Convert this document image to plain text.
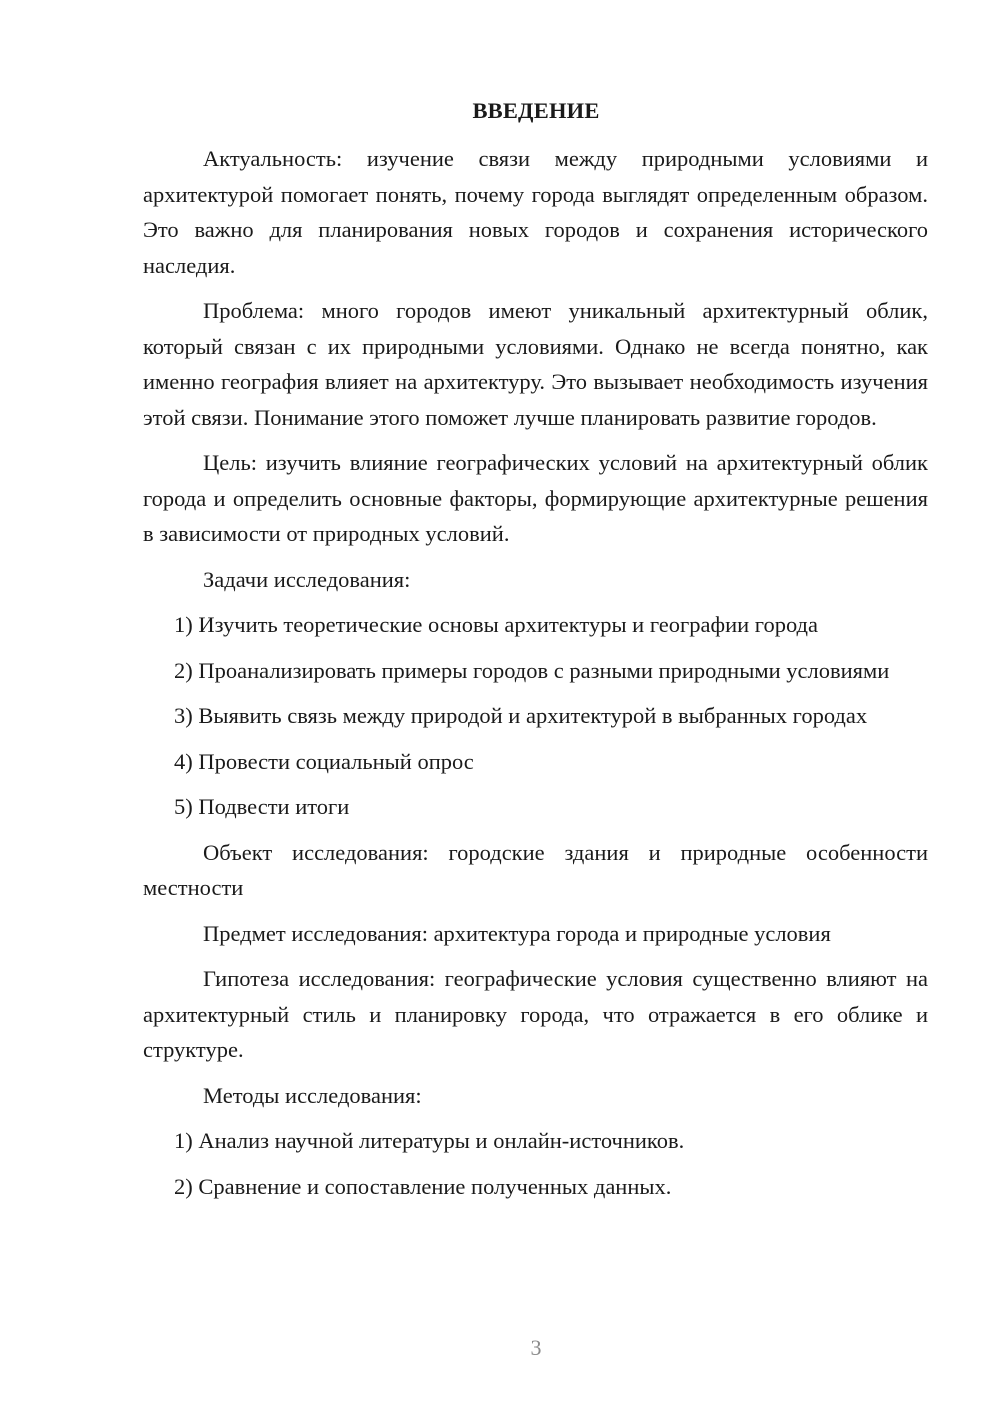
ВВЕДЕНИЕ

Актуальность: изучение связи между природными условиями и архитектурой помогает понять, почему города выглядят определенным образом. Это важно для планирования новых городов и сохранения исторического наследия.

Проблема: много городов имеют уникальный архитектурный облик, который связан с их природными условиями. Однако не всегда понятно, как именно география влияет на архитектуру. Это вызывает необходимость изучения этой связи. Понимание этого поможет лучше планировать развитие городов.

Цель: изучить влияние географических условий на архитектурный облик города и определить основные факторы, формирующие архитектурные решения в зависимости от природных условий.

Задачи исследования:

1) Изучить теоретические основы архитектуры и географии города

2) Проанализировать примеры городов с разными природными условиями

3) Выявить связь между природой и архитектурой в выбранных городах

4) Провести социальный опрос

5) Подвести итоги

Объект исследования: городские здания и природные особенности местности

Предмет исследования: архитектура города и природные условия

Гипотеза исследования: географические условия существенно влияют на архитектурный стиль и планировку города, что отражается в его облике и структуре.

Методы исследования:

1) Анализ научной литературы и онлайн-источников.

2) Сравнение и сопоставление полученных данных.

3
